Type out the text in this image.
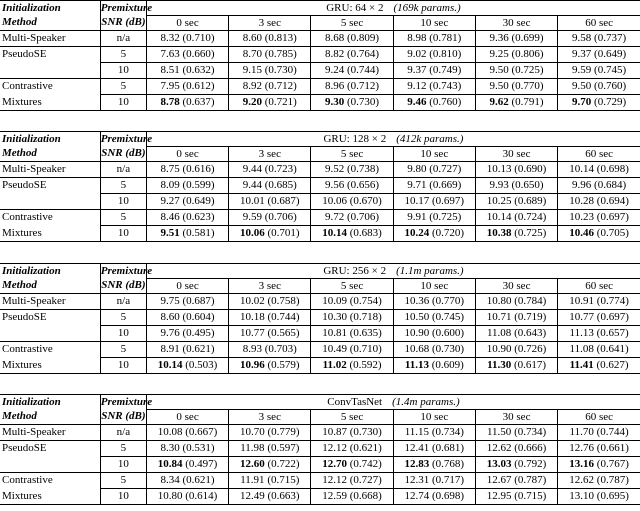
Initialization	Premixture	GRU: 64 × 2 (169k params.)					
Method	SNR (dB)	0 sec	3 sec	5 sec	10 sec	30 sec	60 sec
Multi-Speaker	n/a	8.32 (0.710)	8.60 (0.813)	8.68 (0.809)	8.98 (0.781)	9.36 (0.699)	9.58 (0.737)
PseudoSE	5	7.63 (0.660)	8.70 (0.785)	8.82 (0.764)	9.02 (0.810)	9.25 (0.806)	9.37 (0.649)
	10	8.51 (0.632)	9.15 (0.730)	9.24 (0.744)	9.37 (0.749)	9.50 (0.725)	9.59 (0.745)
Contrastive	5	7.95 (0.612)	8.92 (0.712)	8.96 (0.712)	9.12 (0.743)	9.50 (0.770)	9.50 (0.760)
Mixtures	10	8.78 (0.637)	9.20 (0.721)	9.30 (0.730)	9.46 (0.760)	9.62 (0.791)	9.70 (0.729)
Initialization	Premixture	GRU: 128 × 2 (412k params.)					
Method	SNR (dB)	0 sec	3 sec	5 sec	10 sec	30 sec	60 sec
Multi-Speaker	n/a	8.75 (0.616)	9.44 (0.723)	9.52 (0.738)	9.80 (0.727)	10.13 (0.690)	10.14 (0.698)
PseudoSE	5	8.09 (0.599)	9.44 (0.685)	9.56 (0.656)	9.71 (0.669)	9.93 (0.650)	9.96 (0.684)
	10	9.27 (0.649)	10.01 (0.687)	10.06 (0.670)	10.17 (0.697)	10.25 (0.689)	10.28 (0.694)
Contrastive	5	8.46 (0.623)	9.59 (0.706)	9.72 (0.706)	9.91 (0.725)	10.14 (0.724)	10.23 (0.697)
Mixtures	10	9.51 (0.581)	10.06 (0.701)	10.14 (0.683)	10.24 (0.720)	10.38 (0.725)	10.46 (0.705)
Initialization	Premixture	GRU: 256 × 2 (1.1m params.)					
Method	SNR (dB)	0 sec	3 sec	5 sec	10 sec	30 sec	60 sec
Multi-Speaker	n/a	9.75 (0.687)	10.02 (0.758)	10.09 (0.754)	10.36 (0.770)	10.80 (0.784)	10.91 (0.774)
PseudoSE	5	8.60 (0.604)	10.18 (0.744)	10.30 (0.718)	10.50 (0.745)	10.71 (0.719)	10.77 (0.697)
	10	9.76 (0.495)	10.77 (0.565)	10.81 (0.635)	10.90 (0.600)	11.08 (0.643)	11.13 (0.657)
Contrastive	5	8.91 (0.621)	8.93 (0.703)	10.49 (0.710)	10.68 (0.730)	10.90 (0.726)	11.08 (0.641)
Mixtures	10	10.14 (0.503)	10.96 (0.579)	11.02 (0.592)	11.13 (0.609)	11.30 (0.617)	11.41 (0.627)
Initialization	Premixture	ConvTasNet (1.4m params.)					
Method	SNR (dB)	0 sec	3 sec	5 sec	10 sec	30 sec	60 sec
Multi-Speaker	n/a	10.08 (0.667)	10.70 (0.779)	10.87 (0.730)	11.15 (0.734)	11.50 (0.734)	11.70 (0.744)
PseudoSE	5	8.30 (0.531)	11.98 (0.597)	12.12 (0.621)	12.41 (0.681)	12.62 (0.666)	12.76 (0.661)
	10	10.84 (0.497)	12.60 (0.722)	12.70 (0.742)	12.83 (0.768)	13.03 (0.792)	13.16 (0.767)
Contrastive	5	8.34 (0.621)	11.91 (0.715)	12.12 (0.727)	12.31 (0.717)	12.67 (0.787)	12.62 (0.787)
Mixtures	10	10.80 (0.614)	12.49 (0.663)	12.59 (0.668)	12.74 (0.698)	12.95 (0.715)	13.10 (0.695)
